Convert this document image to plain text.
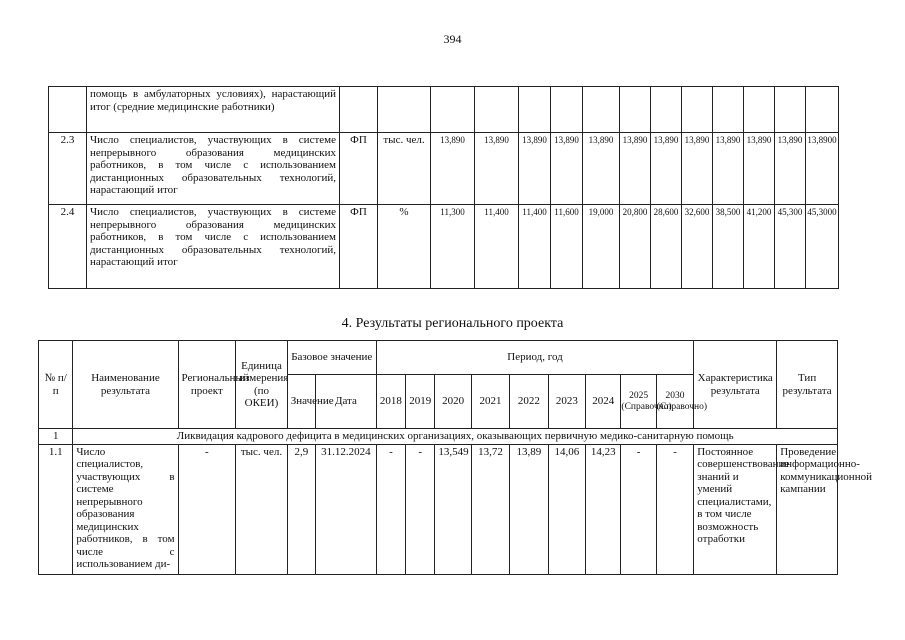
394
	помощь в амбулаторных условиях), нарастающий итог (средние медицинские работники)														
2.3	Число специалистов, участвующих в системе непрерывного образования медицинских работников, в том числе с использованием дистанционных образовательных технологий, нарастающий итог	ФП	тыс. чел.	13,890	13,890	13,890	13,890	13,890	13,890	13,890	13,890	13,890	13,890	13,890	13,8900
2.4	Число специалистов, участвующих в системе непрерывного образования медицинских работников, в том числе с использованием дистанционных образовательных технологий, нарастающий итог	ФП	%	11,300	11,400	11,400	11,600	19,000	20,800	28,600	32,600	38,500	41,200	45,300	45,3000
4. Результаты регионального проекта
№ п/п	Наименование результата	Региональный проект	Единица измерения (по ОКЕИ)	Базовое значение		Период, год									Характеристика результата	Тип результата
				Значение	Дата	2018	2019	2020	2021	2022	2023	2024	2025 (Справочно)	2030 (Справочно)		
1	Ликвидация кадрового дефицита в медицинских организациях, оказывающих первичную медико-санитарную помощь															
1.1	Число специалистов, участвующих в системе непрерывного образования медицинских работников, в том числе с использованием ди-	-	тыс. чел.	2,9	31.12.2024	-	-	13,549	13,72	13,89	14,06	14,23	-	-	Постоянное совершенствование знаний и умений специалистами, в том числе возможность отработки	Проведение информационно-коммуникационной кампании
